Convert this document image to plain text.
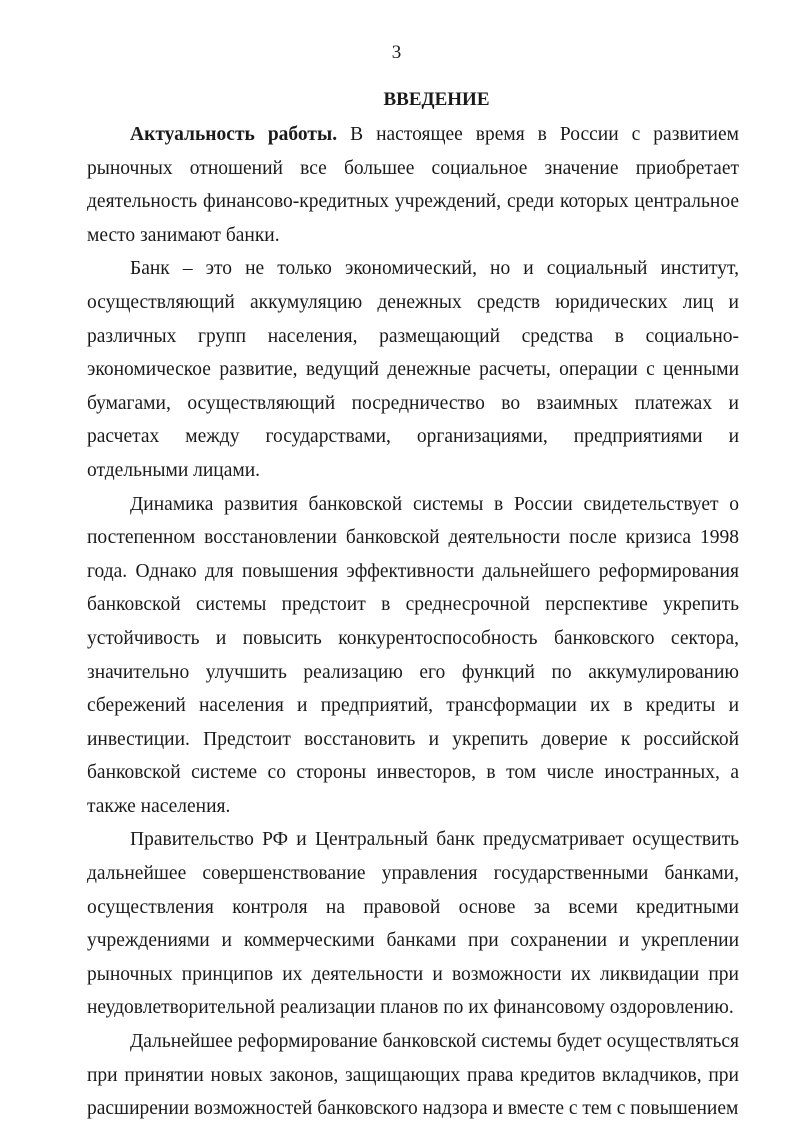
3
ВВЕДЕНИЕ

Актуальность работы. В настоящее время в России с развитием рыночных отношений все большее социальное значение приобретает деятельность финансово-кредитных учреждений, среди которых центральное место занимают банки.

Банк – это не только экономический, но и социальный институт, осуществляющий аккумуляцию денежных средств юридических лиц и различных групп населения, размещающий средства в социально-экономическое развитие, ведущий денежные расчеты, операции с ценными бумагами, осуществляющий посредничество во взаимных платежах и расчетах между государствами, организациями, предприятиями и отдельными лицами.

Динамика развития банковской системы в России свидетельствует о постепенном восстановлении банковской деятельности после кризиса 1998 года. Однако для повышения эффективности дальнейшего реформирования банковской системы предстоит в среднесрочной перспективе укрепить устойчивость и повысить конкурентоспособность банковского сектора, значительно улучшить реализацию его функций по аккумулированию сбережений населения и предприятий, трансформации их в кредиты и инвестиции. Предстоит восстановить и укрепить доверие к российской банковской системе со стороны инвесторов, в том числе иностранных, а также населения.

Правительство РФ и Центральный банк предусматривает осуществить дальнейшее совершенствование управления государственными банками, осуществления контроля на правовой основе за всеми кредитными учреждениями и коммерческими банками при сохранении и укреплении рыночных принципов их деятельности и возможности их ликвидации при неудовлетворительной реализации планов по их финансовому оздоровлению.

Дальнейшее реформирование банковской системы будет осуществляться при принятии новых законов, защищающих права кредитов вкладчиков, при расширении возможностей банковского надзора и вместе с тем с повышением
